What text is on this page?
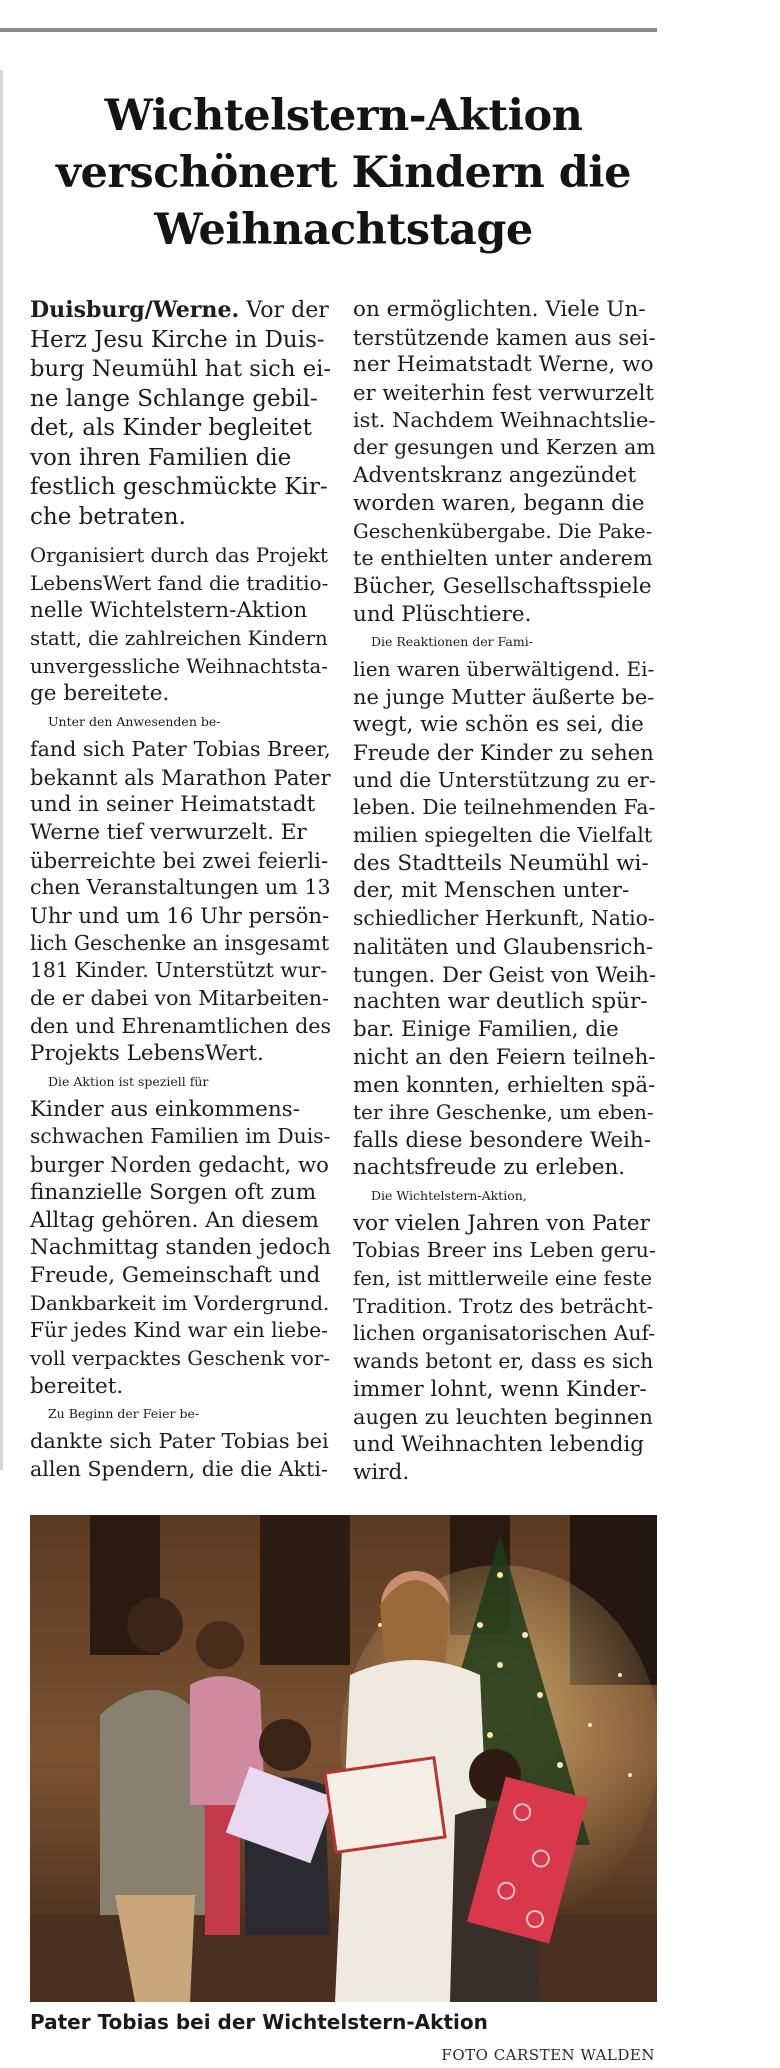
Wichtelstern-Aktion
verschönert Kindern die
Weihnachtstage
Duisburg/Werne. Vor der
Herz Jesu Kirche in Duis-
burg Neumühl hat sich ei-
ne lange Schlange gebil-
det, als Kinder begleitet
von ihren Familien die
festlich geschmückte Kir-
che betraten.
Organisiert durch das Projekt
LebensWert fand die traditio-
nelle Wichtelstern-Aktion
statt, die zahlreichen Kindern
unvergessliche Weihnachtsta-
ge bereitete.
Unter den Anwesenden be-
fand sich Pater Tobias Breer,
bekannt als Marathon Pater
und in seiner Heimatstadt
Werne tief verwurzelt. Er
überreichte bei zwei feierli-
chen Veranstaltungen um 13
Uhr und um 16 Uhr persön-
lich Geschenke an insgesamt
181 Kinder. Unterstützt wur-
de er dabei von Mitarbeiten-
den und Ehrenamtlichen des
Projekts LebensWert.
Die Aktion ist speziell für
Kinder aus einkommens-
schwachen Familien im Duis-
burger Norden gedacht, wo
finanzielle Sorgen oft zum
Alltag gehören. An diesem
Nachmittag standen jedoch
Freude, Gemeinschaft und
Dankbarkeit im Vordergrund.
Für jedes Kind war ein liebe-
voll verpacktes Geschenk vor-
bereitet.
Zu Beginn der Feier be-
dankte sich Pater Tobias bei
allen Spendern, die die Akti-
on ermöglichten. Viele Un-
terstützende kamen aus sei-
ner Heimatstadt Werne, wo
er weiterhin fest verwurzelt
ist. Nachdem Weihnachtslie-
der gesungen und Kerzen am
Adventskranz angezündet
worden waren, begann die
Geschenkübergabe. Die Pake-
te enthielten unter anderem
Bücher, Gesellschaftsspiele
und Plüschtiere.
Die Reaktionen der Fami-
lien waren überwältigend. Ei-
ne junge Mutter äußerte be-
wegt, wie schön es sei, die
Freude der Kinder zu sehen
und die Unterstützung zu er-
leben. Die teilnehmenden Fa-
milien spiegelten die Vielfalt
des Stadtteils Neumühl wi-
der, mit Menschen unter-
schiedlicher Herkunft, Natio-
nalitäten und Glaubensrich-
tungen. Der Geist von Weih-
nachten war deutlich spür-
bar. Einige Familien, die
nicht an den Feiern teilneh-
men konnten, erhielten spä-
ter ihre Geschenke, um eben-
falls diese besondere Weih-
nachtsfreude zu erleben.
Die Wichtelstern-Aktion,
vor vielen Jahren von Pater
Tobias Breer ins Leben geru-
fen, ist mittlerweile eine feste
Tradition. Trotz des beträcht-
lichen organisatorischen Auf-
wands betont er, dass es sich
immer lohnt, wenn Kinder-
augen zu leuchten beginnen
und Weihnachten lebendig
wird.
Pater Tobias bei der Wichtelstern-Aktion
FOTO CARSTEN WALDEN
